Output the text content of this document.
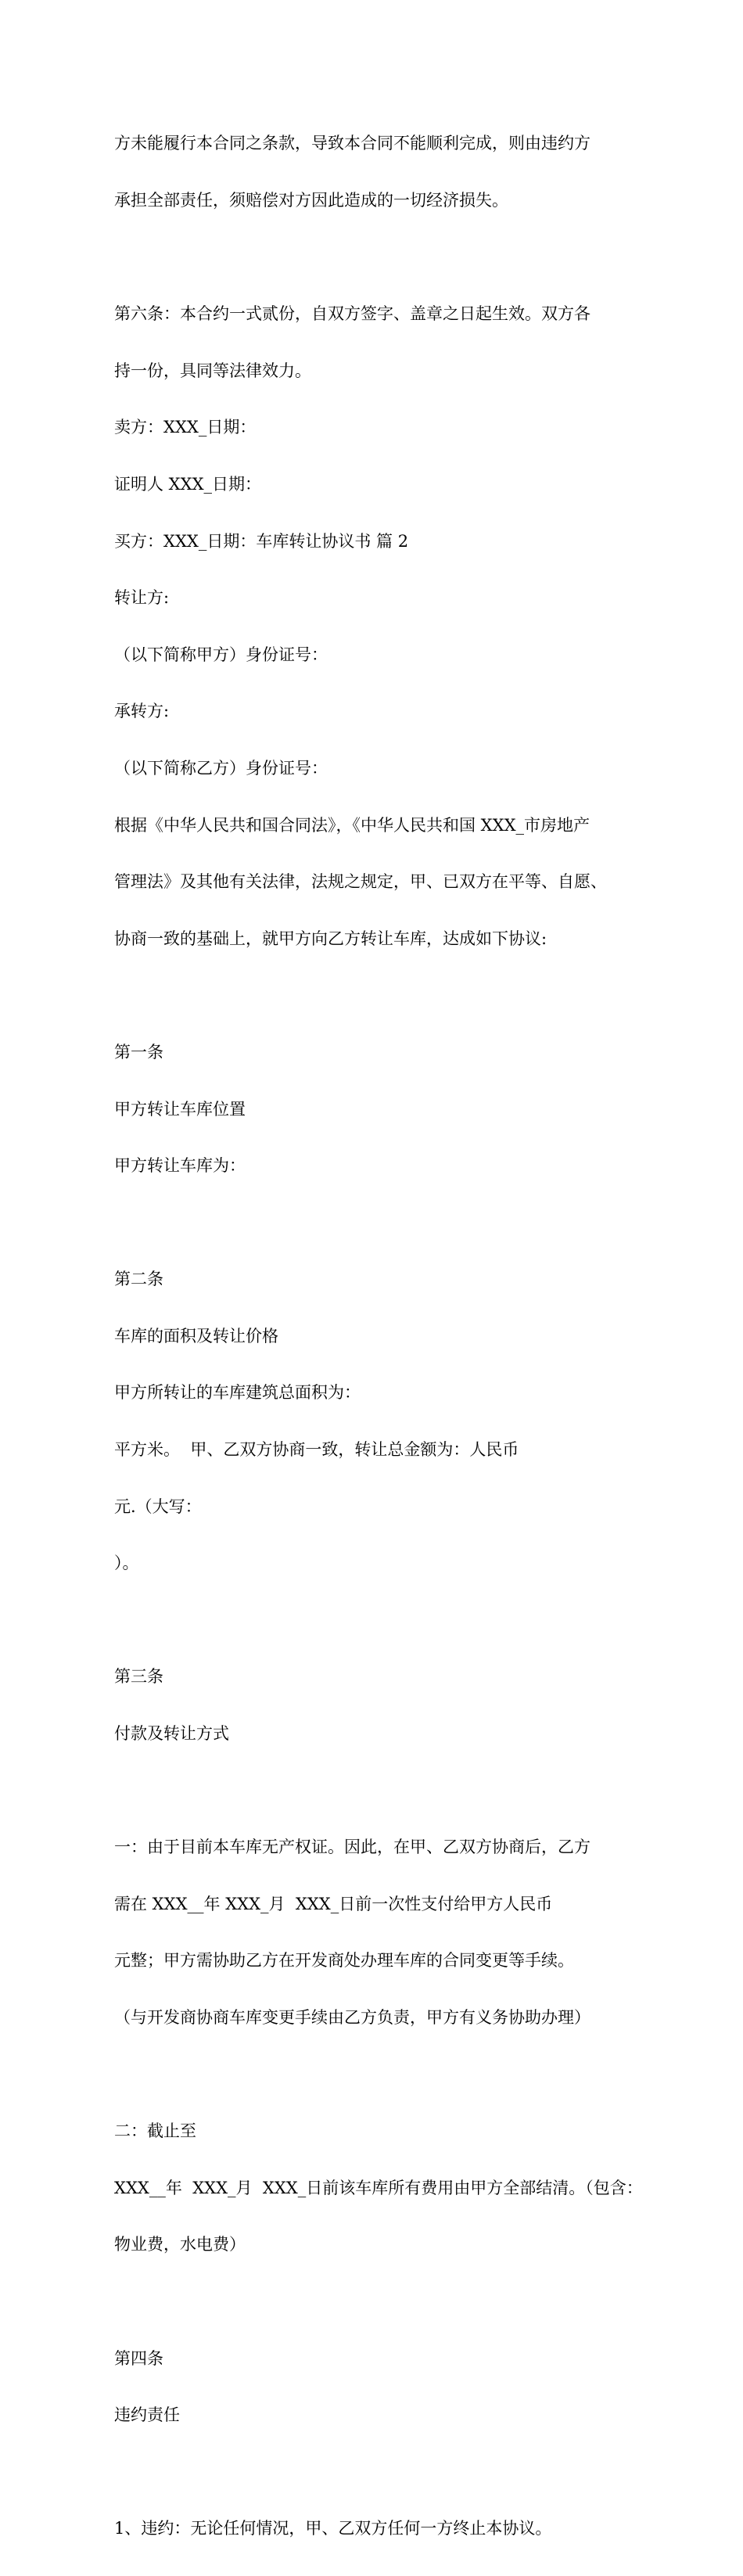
方未能履行本合同之条款，导致本合同不能顺利完成，则由违约方

承担全部责任，须赔偿对方因此造成的一切经济损失。

第六条：本合约一式贰份，自双方签字、盖章之日起生效。双方各

持一份，具同等法律效力。

卖方：XXX_日期：

证明人 XXX_日期：

买方：XXX_日期：车库转让协议书 篇 2

转让方:

（以下简称甲方）身份证号：

承转方:

（以下简称乙方）身份证号：

根据《中华人民共和国合同法》，《中华人民共和国 XXX_市房地产

管理法》及其他有关法律，法规之规定，甲、已双方在平等、自愿、

协商一致的基础上，就甲方向乙方转让车库，达成如下协议:

第一条

甲方转让车库位置

甲方转让车库为：

第二条

车库的面积及转让价格

甲方所转让的车库建筑总面积为：

平方米。  甲、乙双方协商一致，转让总金额为：人民币

元.（大写：

）。

第三条

付款及转让方式

一：由于目前本车库无产权证。因此，在甲、乙双方协商后，乙方

需在 XXX__年 XXX_月  XXX_日前一次性支付给甲方人民币

元整；甲方需协助乙方在开发商处办理车库的合同变更等手续。

（与开发商协商车库变更手续由乙方负责，甲方有义务协助办理）

二：截止至

XXX__年  XXX_月  XXX_日前该车库所有费用由甲方全部结清。（包含：

物业费，水电费）

第四条

违约责任

1、违约：无论任何情况，甲、乙双方任何一方终止本协议。
